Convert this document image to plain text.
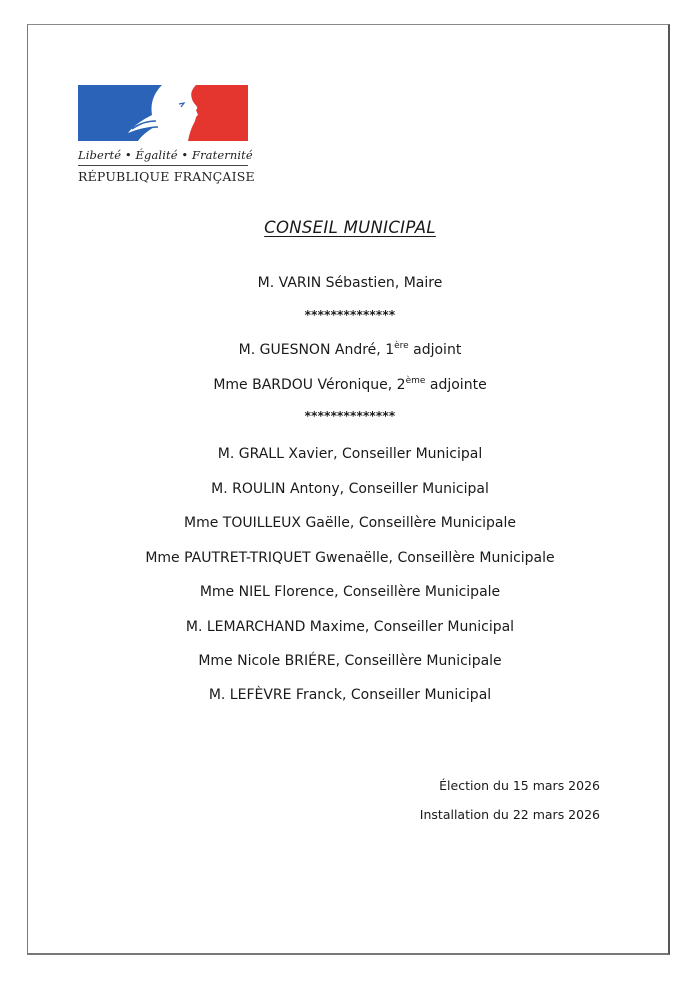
Liberté • Égalité • Fraternité
RÉPUBLIQUE FRANÇAISE
CONSEIL MUNICIPAL
M. VARIN Sébastien, Maire
**************
M. GUESNON André, 1ère adjoint
Mme BARDOU Véronique, 2ème adjointe
**************
M. GRALL Xavier, Conseiller Municipal
M. ROULIN Antony, Conseiller Municipal
Mme TOUILLEUX Gaëlle, Conseillère Municipale
Mme PAUTRET-TRIQUET Gwenaëlle, Conseillère Municipale
Mme NIEL Florence, Conseillère Municipale
M. LEMARCHAND Maxime, Conseiller Municipal
Mme Nicole BRIÉRE, Conseillère Municipale
M. LEFÈVRE Franck, Conseiller Municipal
Élection du 15 mars 2026
Installation du 22 mars 2026
